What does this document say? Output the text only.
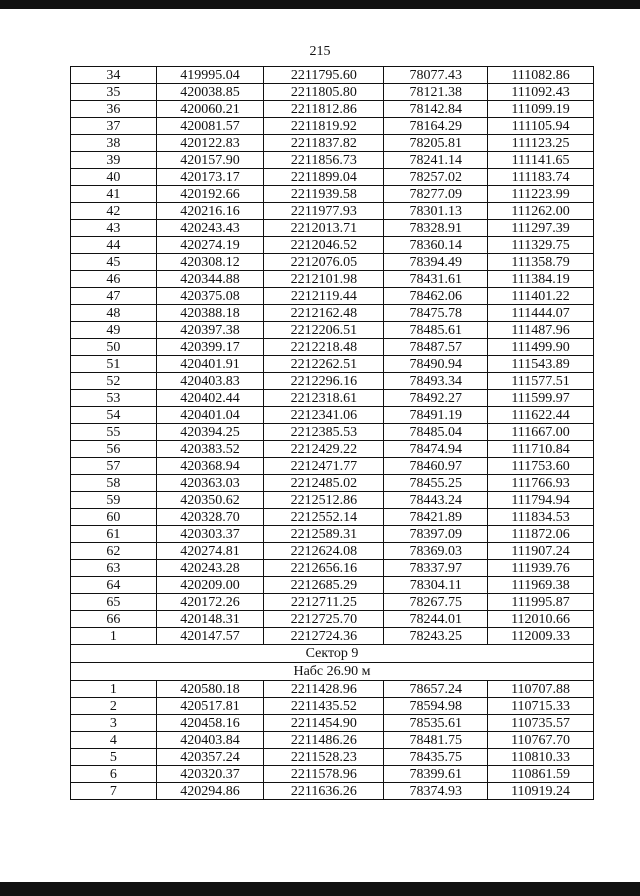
215
34	419995.04	2211795.60	78077.43	111082.86
35	420038.85	2211805.80	78121.38	111092.43
36	420060.21	2211812.86	78142.84	111099.19
37	420081.57	2211819.92	78164.29	111105.94
38	420122.83	2211837.82	78205.81	111123.25
39	420157.90	2211856.73	78241.14	111141.65
40	420173.17	2211899.04	78257.02	111183.74
41	420192.66	2211939.58	78277.09	111223.99
42	420216.16	2211977.93	78301.13	111262.00
43	420243.43	2212013.71	78328.91	111297.39
44	420274.19	2212046.52	78360.14	111329.75
45	420308.12	2212076.05	78394.49	111358.79
46	420344.88	2212101.98	78431.61	111384.19
47	420375.08	2212119.44	78462.06	111401.22
48	420388.18	2212162.48	78475.78	111444.07
49	420397.38	2212206.51	78485.61	111487.96
50	420399.17	2212218.48	78487.57	111499.90
51	420401.91	2212262.51	78490.94	111543.89
52	420403.83	2212296.16	78493.34	111577.51
53	420402.44	2212318.61	78492.27	111599.97
54	420401.04	2212341.06	78491.19	111622.44
55	420394.25	2212385.53	78485.04	111667.00
56	420383.52	2212429.22	78474.94	111710.84
57	420368.94	2212471.77	78460.97	111753.60
58	420363.03	2212485.02	78455.25	111766.93
59	420350.62	2212512.86	78443.24	111794.94
60	420328.70	2212552.14	78421.89	111834.53
61	420303.37	2212589.31	78397.09	111872.06
62	420274.81	2212624.08	78369.03	111907.24
63	420243.28	2212656.16	78337.97	111939.76
64	420209.00	2212685.29	78304.11	111969.38
65	420172.26	2212711.25	78267.75	111995.87
66	420148.31	2212725.70	78244.01	112010.66
1	420147.57	2212724.36	78243.25	112009.33
Сектор 9				
Набс 26.90 м				
1	420580.18	2211428.96	78657.24	110707.88
2	420517.81	2211435.52	78594.98	110715.33
3	420458.16	2211454.90	78535.61	110735.57
4	420403.84	2211486.26	78481.75	110767.70
5	420357.24	2211528.23	78435.75	110810.33
6	420320.37	2211578.96	78399.61	110861.59
7	420294.86	2211636.26	78374.93	110919.24
